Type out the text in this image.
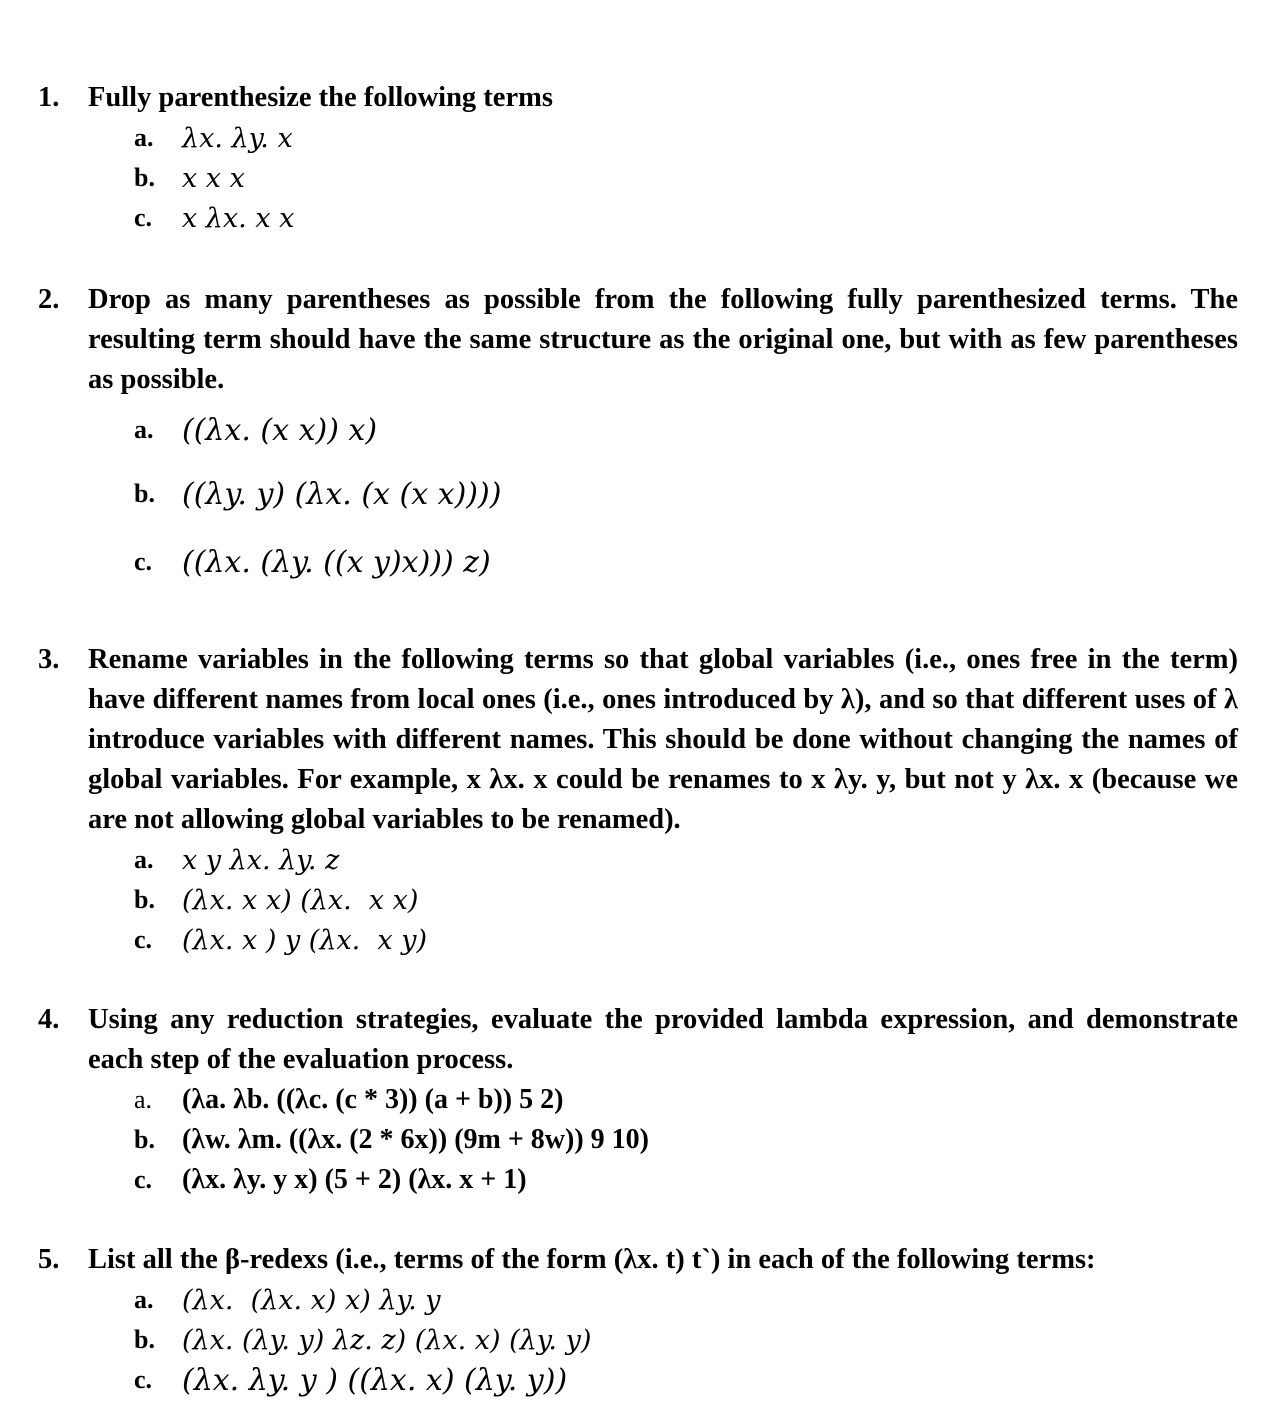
1.	Fully parenthesize the following terms
a.	λx. λy. x
b.	x x x
c.	x λx. x x
2.	Drop as many parentheses as possible from the following fully parenthesized terms. The resulting term should have the same structure as the original one, but with as few parentheses as possible.
a. ((λx. (x x)) x)
b. ((λy. y) (λx. (x (x x))))
c. ((λx. (λy. ((x y)x))) z)
3.	Rename variables in the following terms so that global variables (i.e., ones free in the term) have different names from local ones (i.e., ones introduced by λ), and so that different uses of λ introduce variables with different names. This should be done without changing the names of global variables. For example, x λx. x could be renames to x λy. y, but not y λx. x (because we are not allowing global variables to be renamed).
a.	x y λx. λy. z
b.	(λx. x x) (λx.  x x)
c.	(λx. x ) y (λx.  x y)
4.	Using any reduction strategies, evaluate the provided lambda expression, and demonstrate each step of the evaluation process.
a.	(λa. λb. ((λc. (c * 3)) (a + b)) 5 2)
b. (λw. λm. ((λx. (2 * 6x)) (9m + 8w)) 9 10)
c.	(λx. λy. y x) (5 + 2) (λx. x + 1)
5.	List all the β-redexs (i.e., terms of the form (λx. t) t`) in each of the following terms:
a.	(λx.  (λx. x) x) λy. y
b.	(λx. (λy. y) λz. z) (λx. x) (λy. y)
c. (λx. λy. y ) ((λx. x) (λy. y))
